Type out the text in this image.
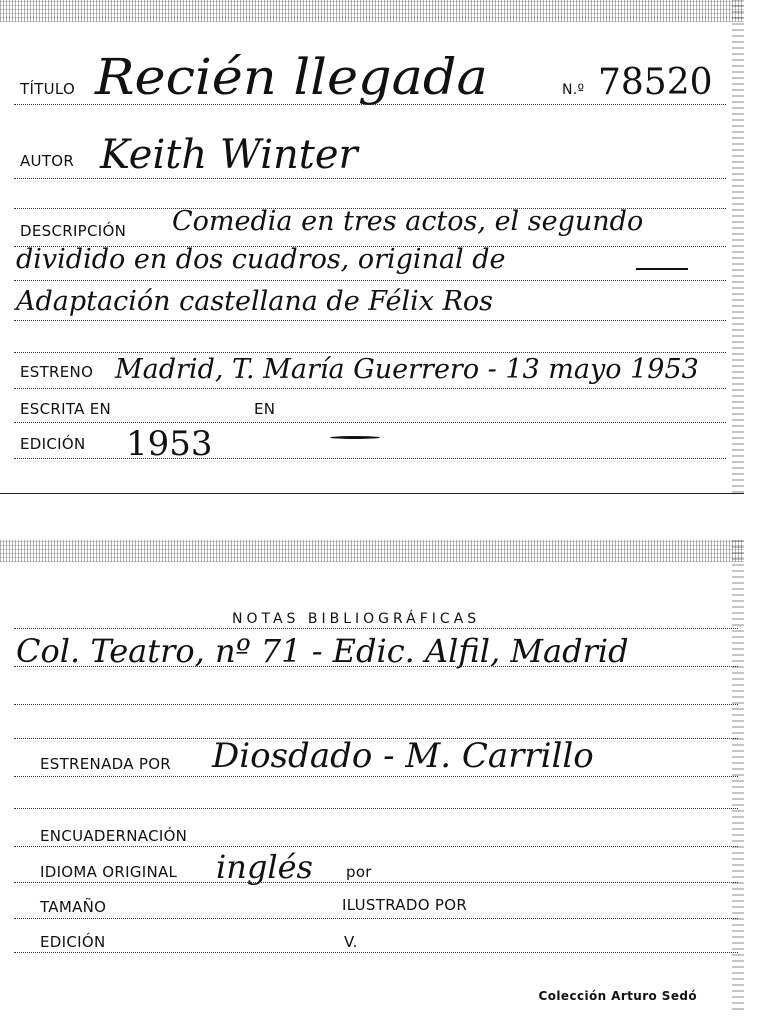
TÍTULO Recién llegada	N.º 78520
AUTOR Keith Winter
DESCRIPCIÓN Comedia en tres actos, el segundo
dividido en dos cuadros, original de
Adaptación castellana de Félix Ros
ESTRENO Madrid, T. María Guerrero - 13 mayo 1953
ESCRITA EN	EN
EDICIÓN 1953
NOTAS BIBLIOGRÁFICAS
Col. Teatro, nº 71 - Edic. Alfil, Madrid
ESTRENADA POR Diosdado - M. Carrillo
ENCUADERNACIÓN
IDIOMA ORIGINAL inglés por
TAMAÑO	ILUSTRADO POR
EDICIÓN	V.
Colección Arturo Sedó
